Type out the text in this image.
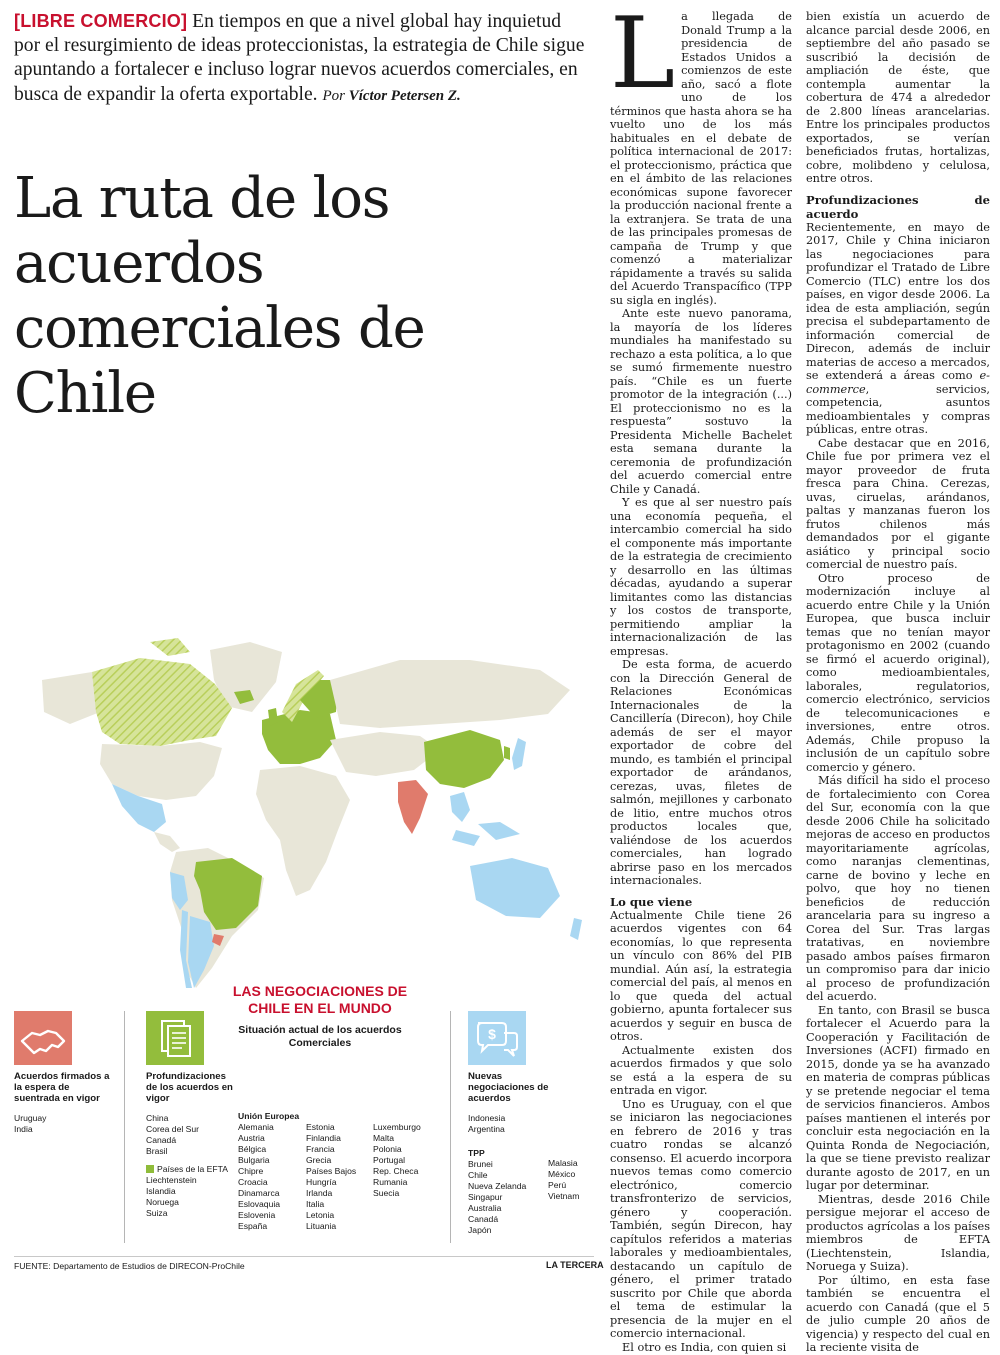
[LIBRE COMERCIO] En tiempos en que a nivel global hay inquietud por el resurgimiento de ideas proteccionistas, la estrategia de Chile sigue apuntando a fortalecer e incluso lograr nuevos acuerdos comerciales, en busca de expandir la oferta exportable. Por Víctor Petersen Z.
La ruta de los acuerdos comerciales de Chile

La llegada de Donald Trump a la presidencia de Estados Unidos a comienzos de este año, sacó a flote uno de los términos que hasta ahora se ha vuelto uno de los más habituales en el debate de política internacional de 2017: el proteccionismo, práctica que en el ámbito de las relaciones económicas supone favorecer la producción nacional frente a la extranjera. Se trata de una de las principales promesas de campaña de Trump y que comenzó a materializar rápidamente a través su salida del Acuerdo Transpacífico (TPP su sigla en inglés).

Ante este nuevo panorama, la mayoría de los líderes mundiales ha manifestado su rechazo a esta política, a lo que se sumó firmemente nuestro país. “Chile es un fuerte promotor de la integración (...) El proteccionismo no es la respuesta” sostuvo la Presidenta Michelle Bachelet esta semana durante la ceremonia de profundización del acuerdo comercial entre Chile y Canadá.

Y es que al ser nuestro país una economía pequeña, el intercambio comercial ha sido el componente más importante de la estrategia de crecimiento y desarrollo en las últimas décadas, ayudando a superar limitantes como las distancias y los costos de transporte, permitiendo ampliar la internacionalización de las empresas.

De esta forma, de acuerdo con la Dirección General de Relaciones Económicas Internacionales de la Cancillería (Direcon), hoy Chile además de ser el mayor exportador de cobre del mundo, es también el principal exportador de arándanos, cerezas, uvas, filetes de salmón, mejillones y carbonato de litio, entre muchos otros productos locales que, valiéndose de los acuerdos comerciales, han logrado abrirse paso en los mercados internacionales.

Lo que viene

Actualmente Chile tiene 26 acuerdos vigentes con 64 economías, lo que representa un vínculo con 86% del PIB mundial. Aún así, la estrategia comercial del país, al menos en lo que queda del actual gobierno, apunta fortalecer sus acuerdos y seguir en busca de otros.

Actualmente existen dos acuerdos firmados y que solo se está a la espera de su entrada en vigor.

Uno es Uruguay, con el que se iniciaron las negociaciones en febrero de 2016 y tras cuatro rondas se alcanzó consenso. El acuerdo incorpora nuevos temas como comercio electrónico, comercio transfronterizo de servicios, género y cooperación. También, según Direcon, hay capítulos referidos a materias laborales y medioambientales, destacando un capítulo de género, el primer tratado suscrito por Chile que aborda el tema de estimular la presencia de la mujer en el comercio internacional.

El otro es India, con quien si

bien existía un acuerdo de alcance parcial desde 2006, en septiembre del año pasado se suscribió la decisión de ampliación de éste, que contempla aumentar la cobertura de 474 a alrededor de 2.800 líneas arancelarias. Entre los principales productos exportados, se verían beneficiados frutas, hortalizas, cobre, molibdeno y celulosa, entre otros.

Profundizaciones de acuerdo

Recientemente, en mayo de 2017, Chile y China iniciaron las negociaciones para profundizar el Tratado de Libre Comercio (TLC) entre los dos países, en vigor desde 2006. La idea de esta ampliación, según precisa el subdepartamento de información comercial de Direcon, además de incluir materias de acceso a mercados, se extenderá a áreas como e-commerce, servicios, competencia, asuntos medioambientales y compras públicas, entre otras.

Cabe destacar que en 2016, Chile fue por primera vez el mayor proveedor de fruta fresca para China. Cerezas, uvas, ciruelas, arándanos, paltas y manzanas fueron los frutos chilenos más demandados por el gigante asiático y principal socio comercial de nuestro país.

Otro proceso de modernización incluye al acuerdo entre Chile y la Unión Europea, que busca incluir temas que no tenían mayor protagonismo en 2002 (cuando se firmó el acuerdo original), como medioambientales, laborales, regulatorios, comercio electrónico, servicios de telecomunicaciones e inversiones, entre otros. Además, Chile propuso la inclusión de un capítulo sobre comercio y género.

Más difícil ha sido el proceso de fortalecimiento con Corea del Sur, economía con la que desde 2006 Chile ha solicitado mejoras de acceso en productos mayoritariamente agrícolas, como naranjas clementinas, carne de bovino y leche en polvo, que hoy no tienen beneficios de reducción arancelaria para su ingreso a Corea del Sur. Tras largas tratativas, en noviembre pasado ambos países firmaron un compromiso para dar inicio al proceso de profundización del acuerdo.

En tanto, con Brasil se busca fortalecer el Acuerdo para la Cooperación y Facilitación de Inversiones (ACFI) firmado en 2015, donde ya se ha avanzado en materia de compras públicas y se pretende negociar el tema de servicios financieros. Ambos países mantienen el interés por concluir esta negociación en la Quinta Ronda de Negociación, la que se tiene previsto realizar durante agosto de 2017, en un lugar por determinar.

Mientras, desde 2016 Chile persigue mejorar el acceso de productos agrícolas a los países miembros de EFTA (Liechtenstein, Islandia, Noruega y Suiza).

Por último, en esta fase también se encuentra el acuerdo con Canadá (que el 5 de julio cumple 20 años de vigencia) y respecto del cual en la reciente visita de

LAS NEGOCIACIONES DE CHILE EN EL MUNDO
Situación actual de los acuerdos Comerciales
Acuerdos firmados a la espera de suentrada en vigor
Uruguay
India
Profundizaciones de los acuerdos en vigor
China
Corea del Sur
Canadá
Brasil
Países de la EFTA
Liechtenstein
Islandia
Noruega
Suiza
Unión Europea
Alemania
Austria
Bélgica
Bulgaria
Chipre
Croacia
Dinamarca
Eslovaquia
Eslovenia
España
Estonia
Finlandia
Francia
Grecia
Países Bajos
Hungría
Irlanda
Italia
Letonia
Lituania
Luxemburgo
Malta
Polonia
Portugal
Rep. Checa
Rumania
Suecia
$
Nuevas negociaciones de acuerdos
Indonesia
Argentina
TPP
Brunei
Chile
Nueva Zelanda
Singapur
Australia
Canadá
Japón
Malasia
México
Perú
Vietnam
FUENTE: Departamento de Estudios de DIRECON-ProChile	LA TERCERA
